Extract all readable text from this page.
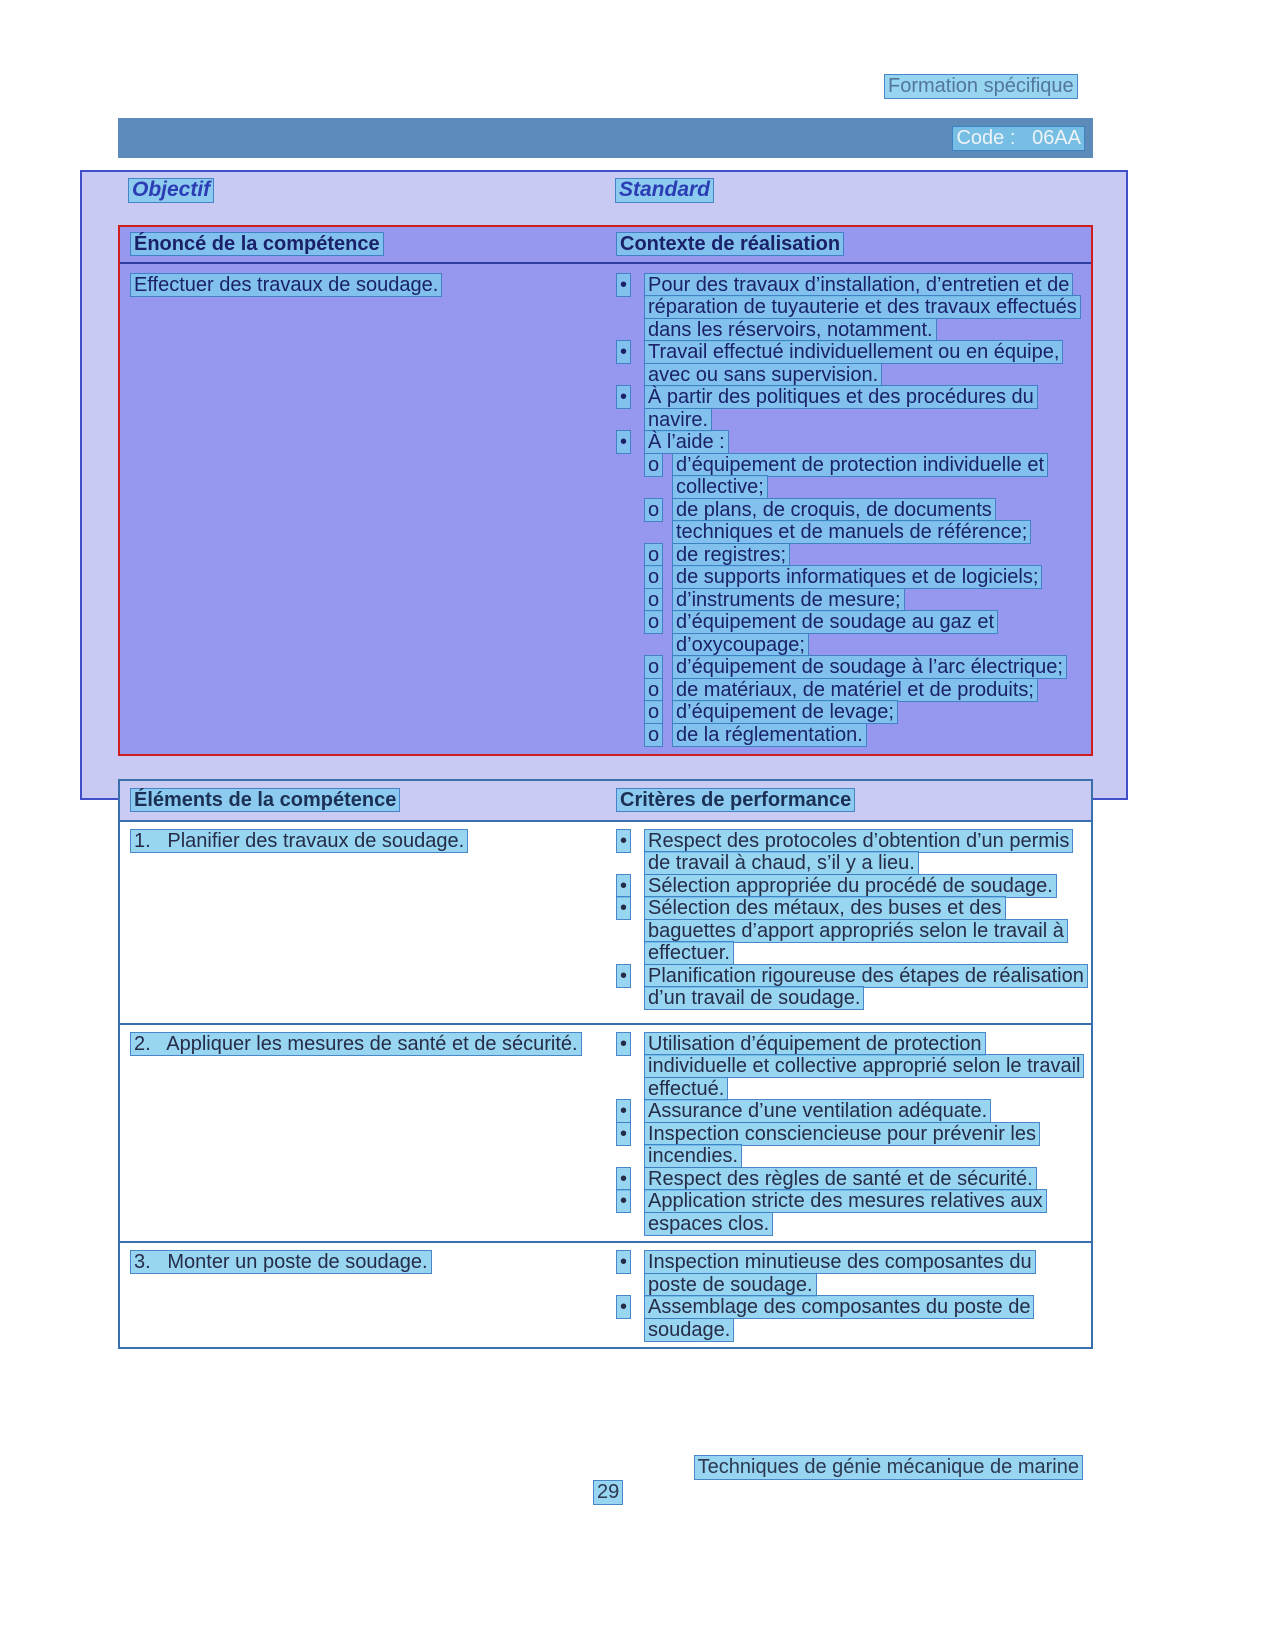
Formation spécifique
Code :   06AA
Objectif	Standard
Énoncé de la compétence	Contexte de réalisation
Effectuer des travaux de soudage.	•	Pour des travaux d’installation, d’entretien et de réparation de tuyauterie et des travaux effectués dans les réservoirs, notamment.
•	Travail effectué individuellement ou en équipe, avec ou sans supervision.
•	À partir des politiques et des procédures du navire.
•	À l’aide :
o d’équipement de protection individuelle et collective;
o de plans, de croquis, de documents techniques et de manuels de référence;
o de registres;
o de supports informatiques et de logiciels;
o d’instruments de mesure;
o d’équipement de soudage au gaz et d’oxycoupage;
o d’équipement de soudage à l’arc électrique;
o de matériaux, de matériel et de produits;
o d’équipement de levage;
o de la réglementation.
Éléments de la compétence	Critères de performance
1.   Planifier des travaux de soudage.	•	Respect des protocoles d’obtention d’un permis de travail à chaud, s’il y a lieu.
•	Sélection appropriée du procédé de soudage.
•	Sélection des métaux, des buses et des baguettes d’apport appropriés selon le travail à effectuer.
•	Planification rigoureuse des étapes de réalisation d’un travail de soudage.
2.   Appliquer les mesures de santé et de sécurité.	•	Utilisation d’équipement de protection individuelle et collective approprié selon le travail effectué.
•	Assurance d’une ventilation adéquate.
•	Inspection consciencieuse pour prévenir les incendies.
•	Respect des règles de santé et de sécurité.
•	Application stricte des mesures relatives aux espaces clos.
3.   Monter un poste de soudage.	•	Inspection minutieuse des composantes du poste de soudage.
•	Assemblage des composantes du poste de soudage.
Techniques de génie mécanique de marine
29
